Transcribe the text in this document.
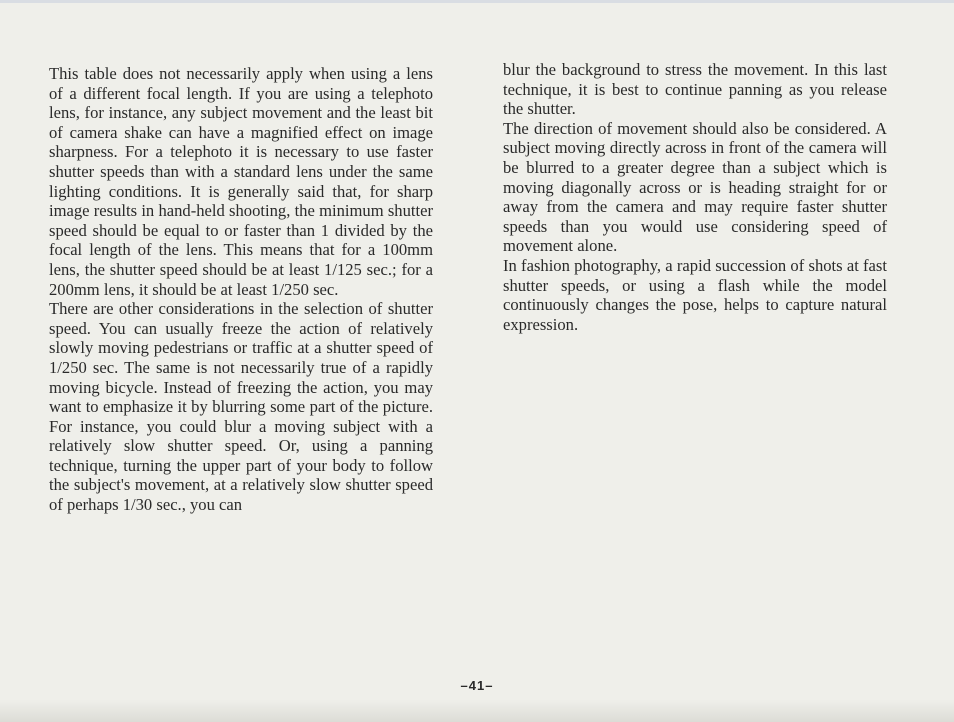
This table does not necessarily apply when using a lens of a different focal length. If you are using a telephoto lens, for instance, any subject movement and the least bit of camera shake can have a magnified effect on image sharpness. For a telephoto it is necessary to use faster shutter speeds than with a standard lens under the same lighting conditions. It is generally said that, for sharp image results in hand-held shooting, the minimum shutter speed should be equal to or faster than 1 divided by the focal length of the lens. This means that for a 100mm lens, the shutter speed should be at least 1/125 sec.; for a 200mm lens, it should be at least 1/250 sec.

There are other considerations in the selection of shutter speed. You can usually freeze the action of relatively slowly moving pedestrians or traffic at a shutter speed of 1/250 sec. The same is not necessarily true of a rapidly moving bicycle. Instead of freezing the action, you may want to emphasize it by blurring some part of the picture. For instance, you could blur a moving subject with a relatively slow shutter speed. Or, using a panning technique, turning the upper part of your body to follow the subject's movement, at a relatively slow shutter speed of perhaps 1/30 sec., you can

blur the background to stress the movement. In this last technique, it is best to continue panning as you release the shutter.

The direction of movement should also be considered. A subject moving directly across in front of the camera will be blurred to a greater degree than a subject which is moving diagonally across or is heading straight for or away from the camera and may require faster shutter speeds than you would use considering speed of movement alone.

In fashion photography, a rapid succession of shots at fast shutter speeds, or using a flash while the model continuously changes the pose, helps to capture natural expression.

–41–
